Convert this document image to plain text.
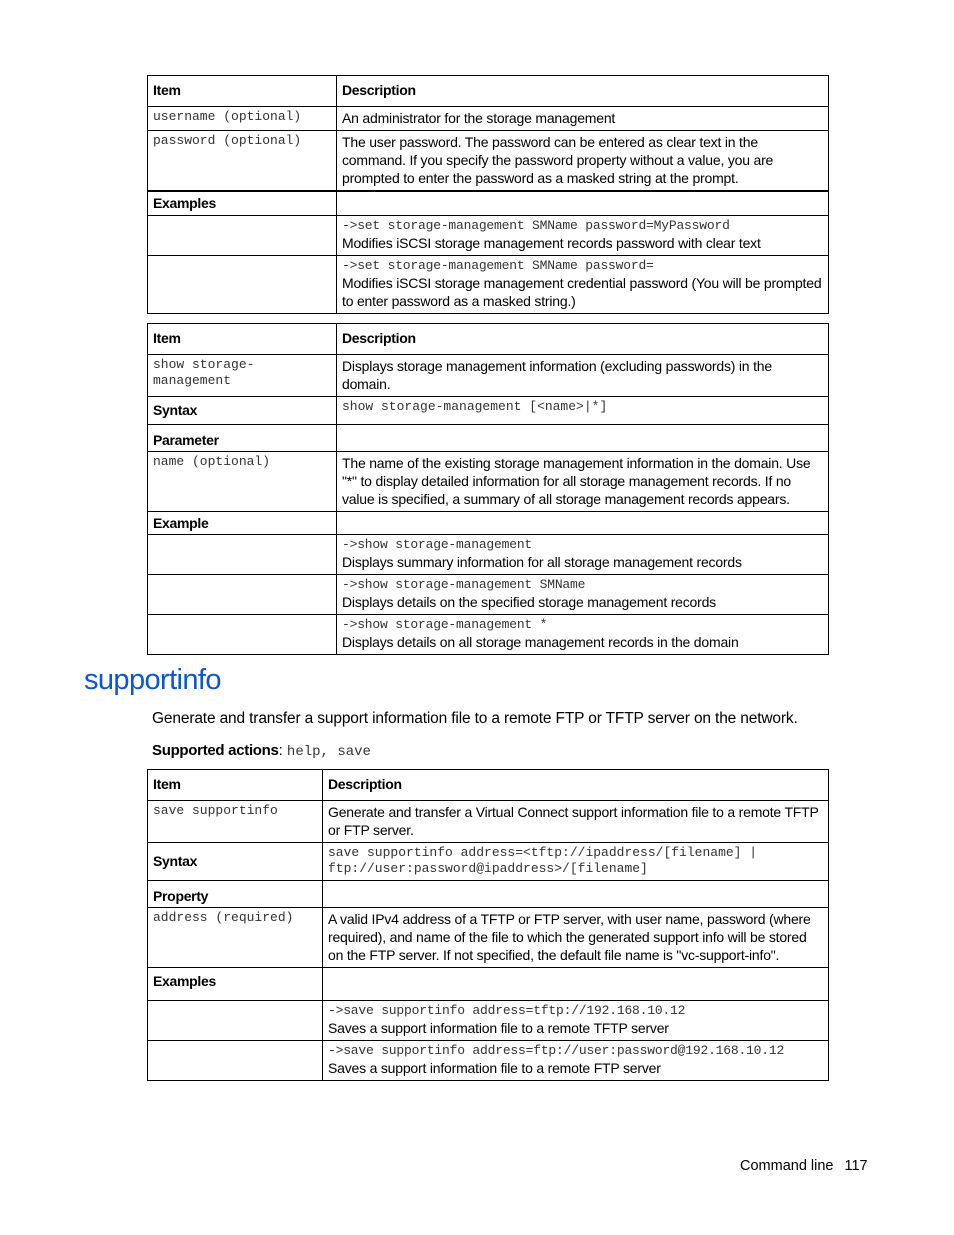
Item	Description
username (optional)	An administrator for the storage management
password (optional)	The user password. The password can be entered as clear text in the command. If you specify the password property without a value, you are prompted to enter the password as a masked string at the prompt.
Examples	

	->set storage-management SMName password=MyPassword
Modifies iSCSI storage management records password with clear text

	->set storage-management SMName password=
Modifies iSCSI storage management credential password (You will be prompted to enter password as a masked string.)
Item	Description
show storage-management	Displays storage management information (excluding passwords) in the domain.
Syntax	show storage-management [<name>|*]
Parameter	
name (optional)	The name of the existing storage management information in the domain. Use "*" to display detailed information for all storage management records. If no value is specified, a summary of all storage management records appears.
Example	

	->show storage-management
Displays summary information for all storage management records

	->show storage-management SMName
Displays details on the specified storage management records

	->show storage-management *
Displays details on all storage management records in the domain
supportinfo

Generate and transfer a support information file to a remote FTP or TFTP server on the network.

Supported actions: help, save

Item	Description
save supportinfo	Generate and transfer a Virtual Connect support information file to a remote TFTP or FTP server.
Syntax	save supportinfo address=<tftp://ipaddress/[filename] | ftp://user:password@ipaddress>/[filename]
Property	
address (required)	A valid IPv4 address of a TFTP or FTP server, with user name, password (where required), and name of the file to which the generated support info will be stored on the FTP server. If not specified, the default file name is "vc-support-info".
Examples	

	->save supportinfo address=tftp://192.168.10.12
Saves a support information file to a remote TFTP server

	->save supportinfo address=ftp://user:password@192.168.10.12
Saves a support information file to a remote FTP server
Command line 117
